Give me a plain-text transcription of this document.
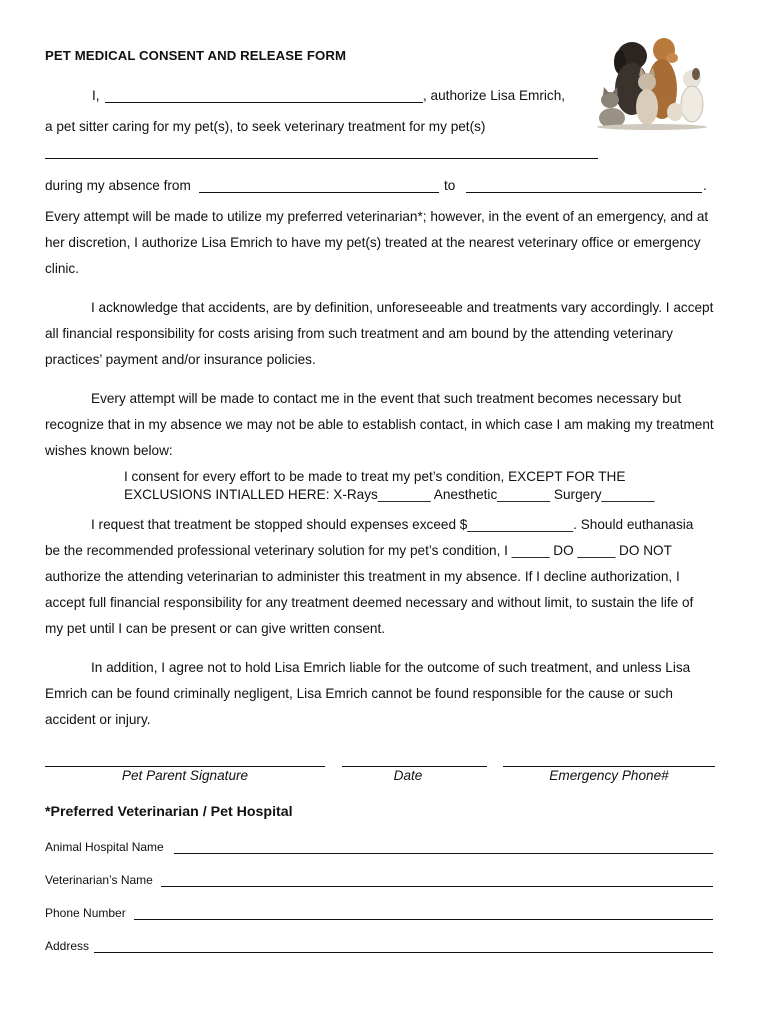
PET MEDICAL CONSENT AND RELEASE FORM
I,	, authorize Lisa Emrich,
a pet sitter caring for my pet(s), to seek veterinary treatment for my pet(s)
during my absence from	to	.
Every attempt will be made to utilize my preferred veterinarian*; however, in the event of an emergency, and at her discretion, I authorize Lisa Emrich to have my pet(s) treated at the nearest veterinary office or emergency clinic.
I acknowledge that accidents, are by definition, unforeseeable and treatments vary accordingly. I accept all financial responsibility for costs arising from such treatment and am bound by the attending veterinary practices’ payment and/or insurance policies.
Every attempt will be made to contact me in the event that such treatment becomes necessary but recognize that in my absence we may not be able to establish contact, in which case I am making my treatment wishes known below:
I consent for every effort to be made to treat my pet’s condition, EXCEPT FOR THE
EXCLUSIONS INTIALLED HERE: X-Rays_______ Anesthetic_______ Surgery_______
I request that treatment be stopped should expenses exceed $______________. Should euthanasia
be the recommended professional veterinary solution for my pet’s condition, I _____ DO _____ DO NOT
authorize the attending veterinarian to administer this treatment in my absence. If I decline authorization, I
accept full financial responsibility for any treatment deemed necessary and without limit, to sustain the life of
my pet until I can be present or can give written consent.
In addition, I agree not to hold Lisa Emrich liable for the outcome of such treatment, and unless Lisa Emrich can be found criminally negligent, Lisa Emrich cannot be found responsible for the cause or such accident or injury.
Pet Parent Signature	Date	Emergency Phone#
*Preferred Veterinarian / Pet Hospital
Animal Hospital Name
Veterinarian’s Name
Phone Number
Address
